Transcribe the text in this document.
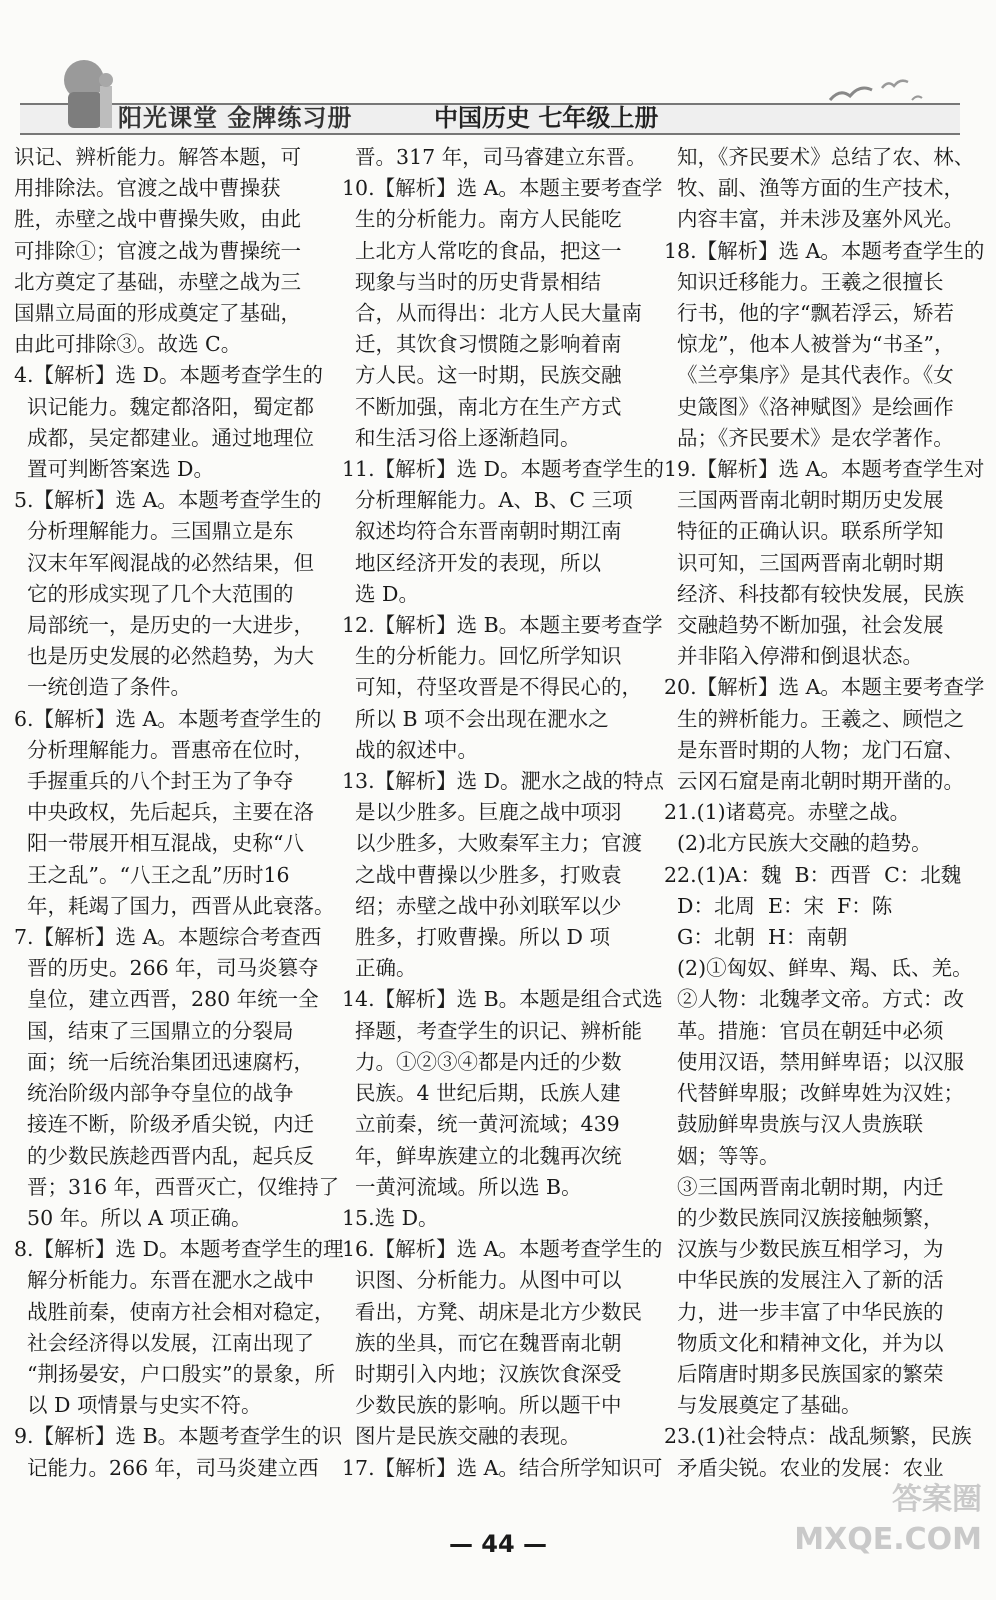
阳光课堂 金牌练习册	中国历史 七年级上册

识记、辨析能力。解答本题，可

用排除法。官渡之战中曹操获

胜，赤壁之战中曹操失败，由此

可排除①；官渡之战为曹操统一

北方奠定了基础，赤壁之战为三

国鼎立局面的形成奠定了基础，

由此可排除③。故选 C。

4.【解析】选 D。本题考查学生的

识记能力。魏定都洛阳，蜀定都

成都，吴定都建业。通过地理位

置可判断答案选 D。

5.【解析】选 A。本题考查学生的

分析理解能力。三国鼎立是东

汉末年军阀混战的必然结果，但

它的形成实现了几个大范围的

局部统一，是历史的一大进步，

也是历史发展的必然趋势，为大

一统创造了条件。

6.【解析】选 A。本题考查学生的

分析理解能力。晋惠帝在位时，

手握重兵的八个封王为了争夺

中央政权，先后起兵，主要在洛

阳一带展开相互混战，史称“八

王之乱”。“八王之乱”历时16

年，耗竭了国力，西晋从此衰落。

7.【解析】选 A。本题综合考查西

晋的历史。266 年，司马炎篡夺

皇位，建立西晋，280 年统一全

国，结束了三国鼎立的分裂局

面；统一后统治集团迅速腐朽，

统治阶级内部争夺皇位的战争

接连不断，阶级矛盾尖锐，内迁

的少数民族趁西晋内乱，起兵反

晋；316 年，西晋灭亡，仅维持了

50 年。所以 A 项正确。

8.【解析】选 D。本题考查学生的理

解分析能力。东晋在淝水之战中

战胜前秦，使南方社会相对稳定，

社会经济得以发展，江南出现了

“荆扬晏安，户口殷实”的景象，所

以 D 项情景与史实不符。

9.【解析】选 B。本题考查学生的识

记能力。266 年，司马炎建立西

晋。317 年，司马睿建立东晋。

10.【解析】选 A。本题主要考查学

生的分析能力。南方人民能吃

上北方人常吃的食品，把这一

现象与当时的历史背景相结

合，从而得出：北方人民大量南

迁，其饮食习惯随之影响着南

方人民。这一时期，民族交融

不断加强，南北方在生产方式

和生活习俗上逐渐趋同。

11.【解析】选 D。本题考查学生的

分析理解能力。A、B、C 三项

叙述均符合东晋南朝时期江南

地区经济开发的表现，所以

选 D。

12.【解析】选 B。本题主要考查学

生的分析能力。回忆所学知识

可知，苻坚攻晋是不得民心的，

所以 B 项不会出现在淝水之

战的叙述中。

13.【解析】选 D。淝水之战的特点

是以少胜多。巨鹿之战中项羽

以少胜多，大败秦军主力；官渡

之战中曹操以少胜多，打败袁

绍；赤壁之战中孙刘联军以少

胜多，打败曹操。所以 D 项

正确。

14.【解析】选 B。本题是组合式选

择题，考查学生的识记、辨析能

力。①②③④都是内迁的少数

民族。4 世纪后期，氐族人建

立前秦，统一黄河流域；439

年，鲜卑族建立的北魏再次统

一黄河流域。所以选 B。

15.选 D。

16.【解析】选 A。本题考查学生的

识图、分析能力。从图中可以

看出，方凳、胡床是北方少数民

族的坐具，而它在魏晋南北朝

时期引入内地；汉族饮食深受

少数民族的影响。所以题干中

图片是民族交融的表现。

17.【解析】选 A。结合所学知识可

知，《齐民要术》总结了农、林、

牧、副、渔等方面的生产技术，

内容丰富，并未涉及塞外风光。

18.【解析】选 A。本题考查学生的

知识迁移能力。王羲之很擅长

行书，他的字“飘若浮云，矫若

惊龙”，他本人被誉为“书圣”，

《兰亭集序》是其代表作。《女

史箴图》《洛神赋图》是绘画作

品；《齐民要术》是农学著作。

19.【解析】选 A。本题考查学生对

三国两晋南北朝时期历史发展

特征的正确认识。联系所学知

识可知，三国两晋南北朝时期

经济、科技都有较快发展，民族

交融趋势不断加强，社会发展

并非陷入停滞和倒退状态。

20.【解析】选 A。本题主要考查学

生的辨析能力。王羲之、顾恺之

是东晋时期的人物；龙门石窟、

云冈石窟是南北朝时期开凿的。

21.(1)诸葛亮。赤壁之战。

(2)北方民族大交融的趋势。

22.(1)A：魏  B：西晋  C：北魏

D：北周  E：宋  F：陈

G：北朝  H：南朝

(2)①匈奴、鲜卑、羯、氐、羌。

②人物：北魏孝文帝。方式：改

革。措施：官员在朝廷中必须

使用汉语，禁用鲜卑语；以汉服

代替鲜卑服；改鲜卑姓为汉姓；

鼓励鲜卑贵族与汉人贵族联

姻；等等。

③三国两晋南北朝时期，内迁

的少数民族同汉族接触频繁，

汉族与少数民族互相学习，为

中华民族的发展注入了新的活

力，进一步丰富了中华民族的

物质文化和精神文化，并为以

后隋唐时期多民族国家的繁荣

与发展奠定了基础。

23.(1)社会特点：战乱频繁，民族

矛盾尖锐。农业的发展：农业

— 44 —
答案圈
MXQE.COM
